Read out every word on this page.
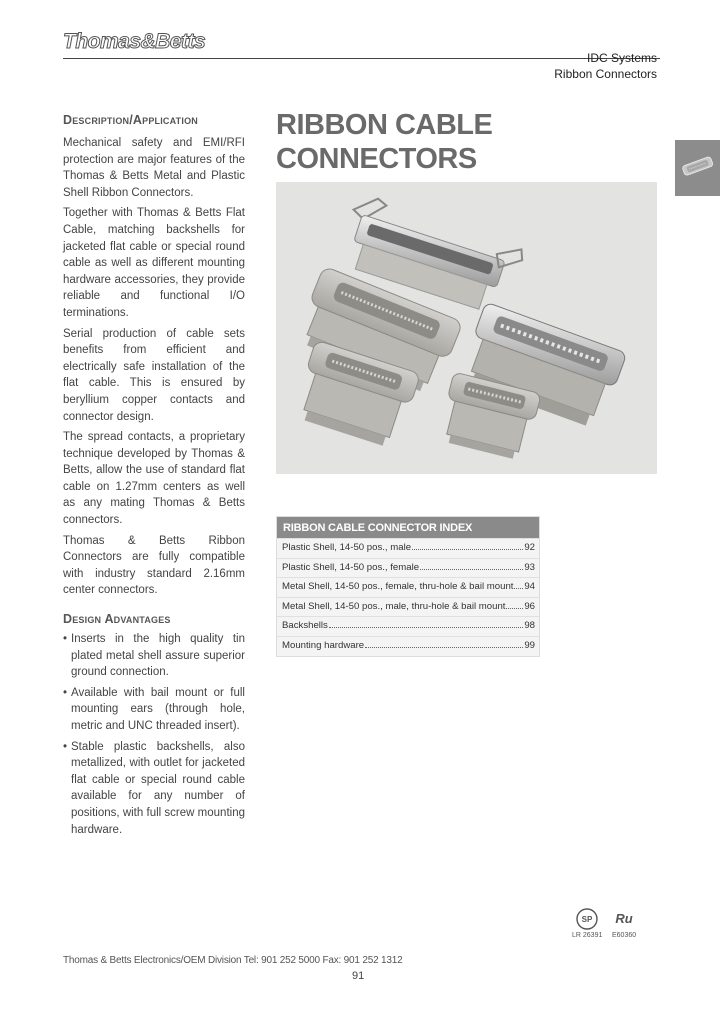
Thomas&Betts
IDC Systems
Ribbon Connectors
Description/Application

Mechanical safety and EMI/RFI protection are major features of the Thomas & Betts Metal and Plastic Shell Ribbon Connectors.

Together with Thomas & Betts Flat Cable, matching backshells for jacketed flat cable or special round cable as well as different mounting hardware accessories, they provide reliable and functional I/O terminations.

Serial production of cable sets benefits from efficient and electrically safe installation of the flat cable. This is ensured by beryllium copper contacts and connector design.

The spread contacts, a proprietary technique developed by Thomas & Betts, allow the use of standard flat cable on 1.27mm centers as well as any mating Thomas & Betts connectors.

Thomas & Betts Ribbon Connectors are fully compatible with industry standard 2.16mm center connectors.

Design Advantages
• Inserts in the high quality tin plated metal shell assure superior ground connection.
• Available with bail mount or full mounting ears (through hole, metric and UNC threaded insert).
• Stable plastic backshells, also metallized, with outlet for jacketed flat cable or special round cable available for any number of positions, with full screw mounting hardware.
RIBBON CABLE
CONNECTORS
RIBBON CABLE CONNECTOR INDEX
Plastic Shell, 14-50 pos., male	92
Plastic Shell, 14-50 pos., female	93
Metal Shell, 14-50 pos., female, thru-hole & bail mount 94
Metal Shell, 14-50 pos., male, thru-hole & bail mount 96
Backshells	98
Mounting hardware	99
SP
LR 26391
Ru
E60360
Thomas & Betts Electronics/OEM Division Tel: 901 252 5000 Fax: 901 252 1312
91
